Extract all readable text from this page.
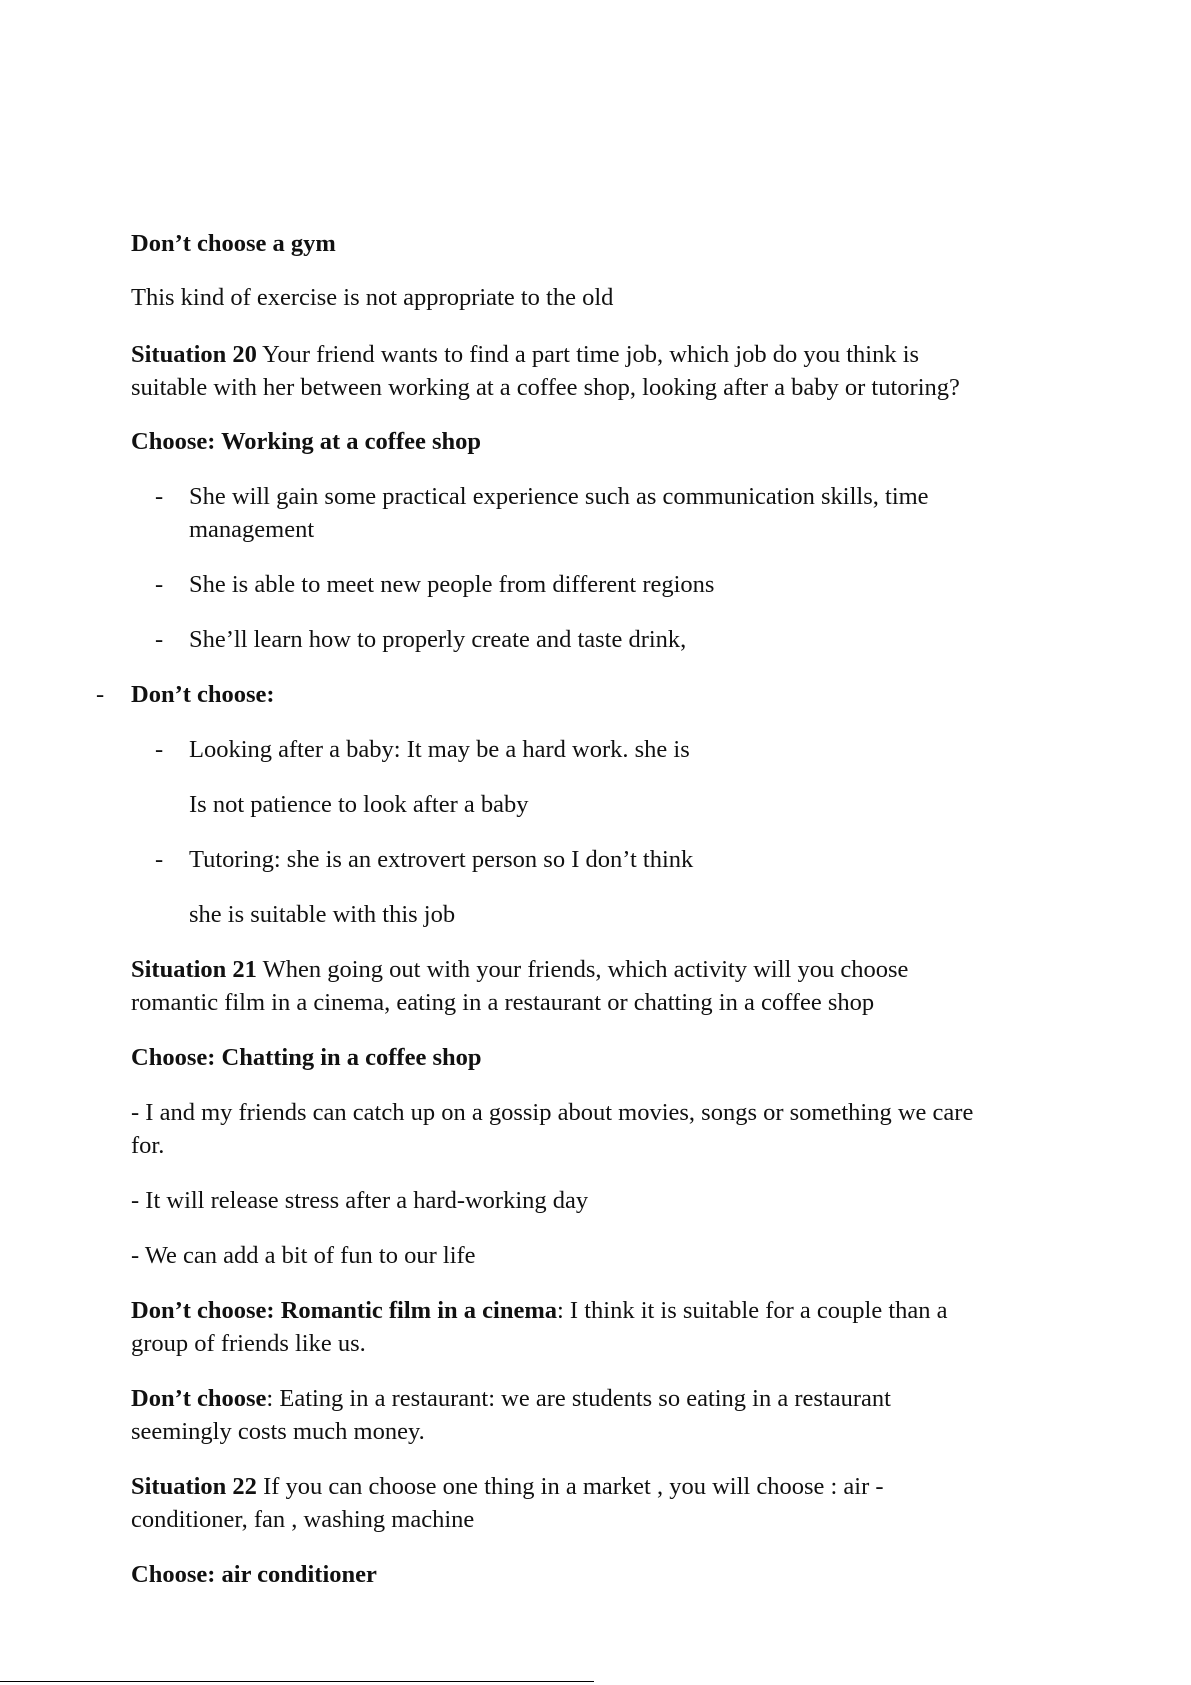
Don’t choose a gym
This kind of exercise is not appropriate to the old
Situation 20 Your friend wants to find a part time job, which job do you think is
suitable with her between working at a coffee shop, looking after a baby or tutoring?
Choose: Working at a coffee shop
- She will gain some practical experience such as communication skills, time
management
- She is able to meet new people from different regions
- She’ll learn how to properly create and taste drink,
- Don’t choose:
- Looking after a baby: It may be a hard work. she is
Is not patience to look after a baby
- Tutoring: she is an extrovert person so I don’t think
she is suitable with this job
Situation 21 When going out with your friends, which activity will you choose
romantic film in a cinema, eating in a restaurant or chatting in a coffee shop
Choose: Chatting in a coffee shop
- I and my friends can catch up on a gossip about movies, songs or something we care
for.
- It will release stress after a hard-working day
- We can add a bit of fun to our life
Don’t choose: Romantic film in a cinema: I think it is suitable for a couple than a
group of friends like us.
Don’t choose: Eating in a restaurant: we are students so eating in a restaurant
seemingly costs much money.
Situation 22 If you can choose one thing in a market , you will choose : air -
conditioner, fan , washing machine
Choose: air conditioner
